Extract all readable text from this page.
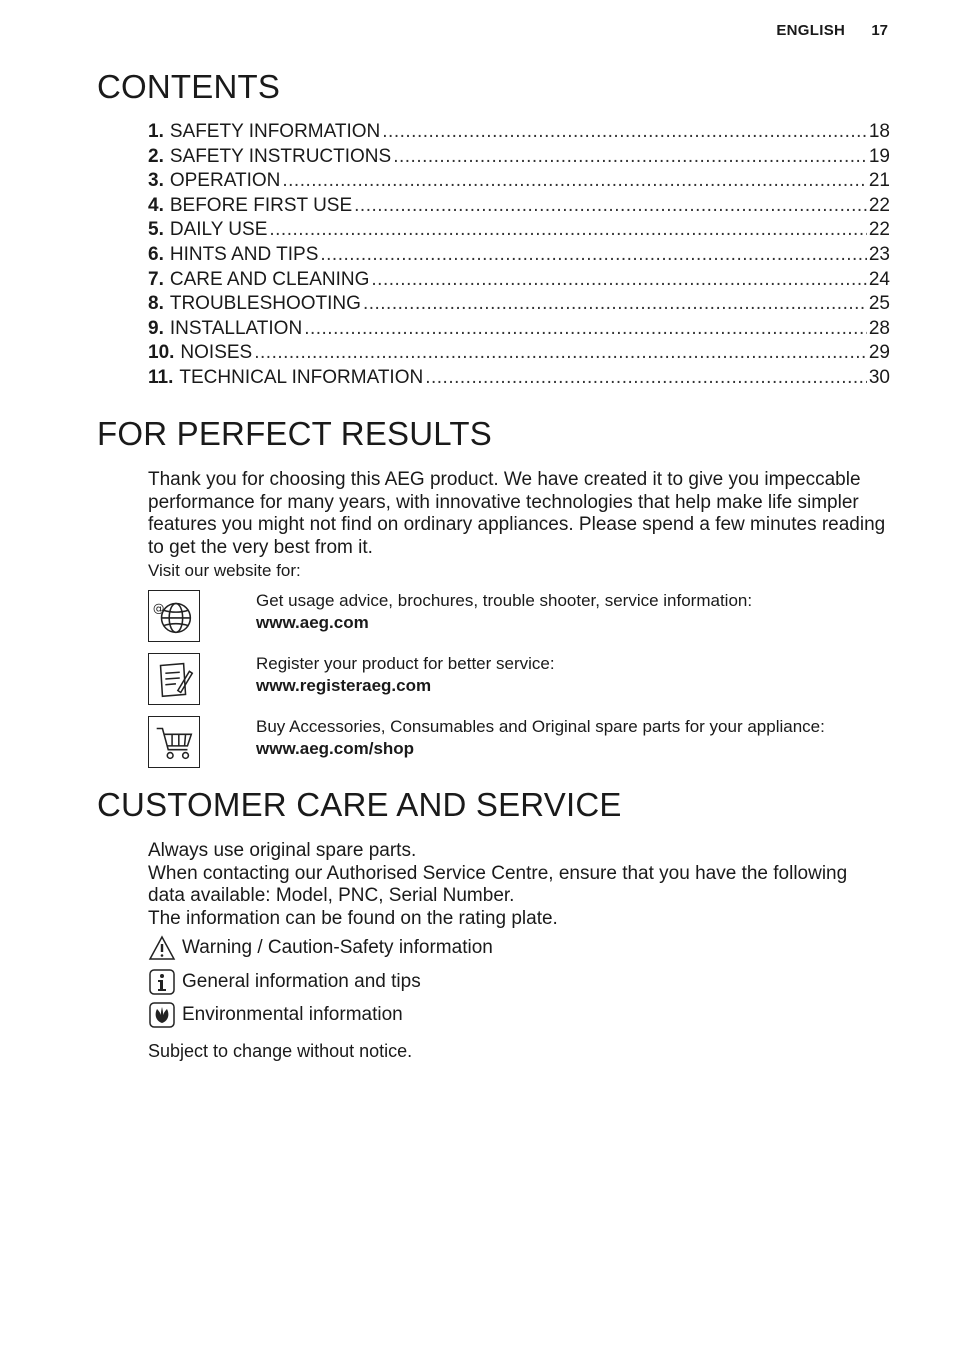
ENGLISH 17
CONTENTS
1. SAFETY INFORMATION .....	18
2. SAFETY INSTRUCTIONS .....	19
3. OPERATION .....	21
4. BEFORE FIRST USE .....	22
5. DAILY USE .....	22
6. HINTS AND TIPS .....	23
7. CARE AND CLEANING .....	24
8. TROUBLESHOOTING .....	25
9. INSTALLATION .....	28
10. NOISES .....	29
11. TECHNICAL INFORMATION .....	30
FOR PERFECT RESULTS

Thank you for choosing this AEG product. We have created it to give you impeccable performance for many years, with innovative technologies that help make life simpler features you might not find on ordinary appliances. Please spend a few minutes reading to get the very best from it.

Visit our website for:
@	Get usage advice, brochures, trouble shooter, service information:
www.aeg.com
Register your product for better service:
www.registeraeg.com
Buy Accessories, Consumables and Original spare parts for your appliance:
www.aeg.com/shop
CUSTOMER CARE AND SERVICE

Always use original spare parts.

When contacting our Authorised Service Centre, ensure that you have the following data available: Model, PNC, Serial Number.

The information can be found on the rating plate.

Warning / Caution-Safety information
General information and tips
Environmental information
Subject to change without notice.
